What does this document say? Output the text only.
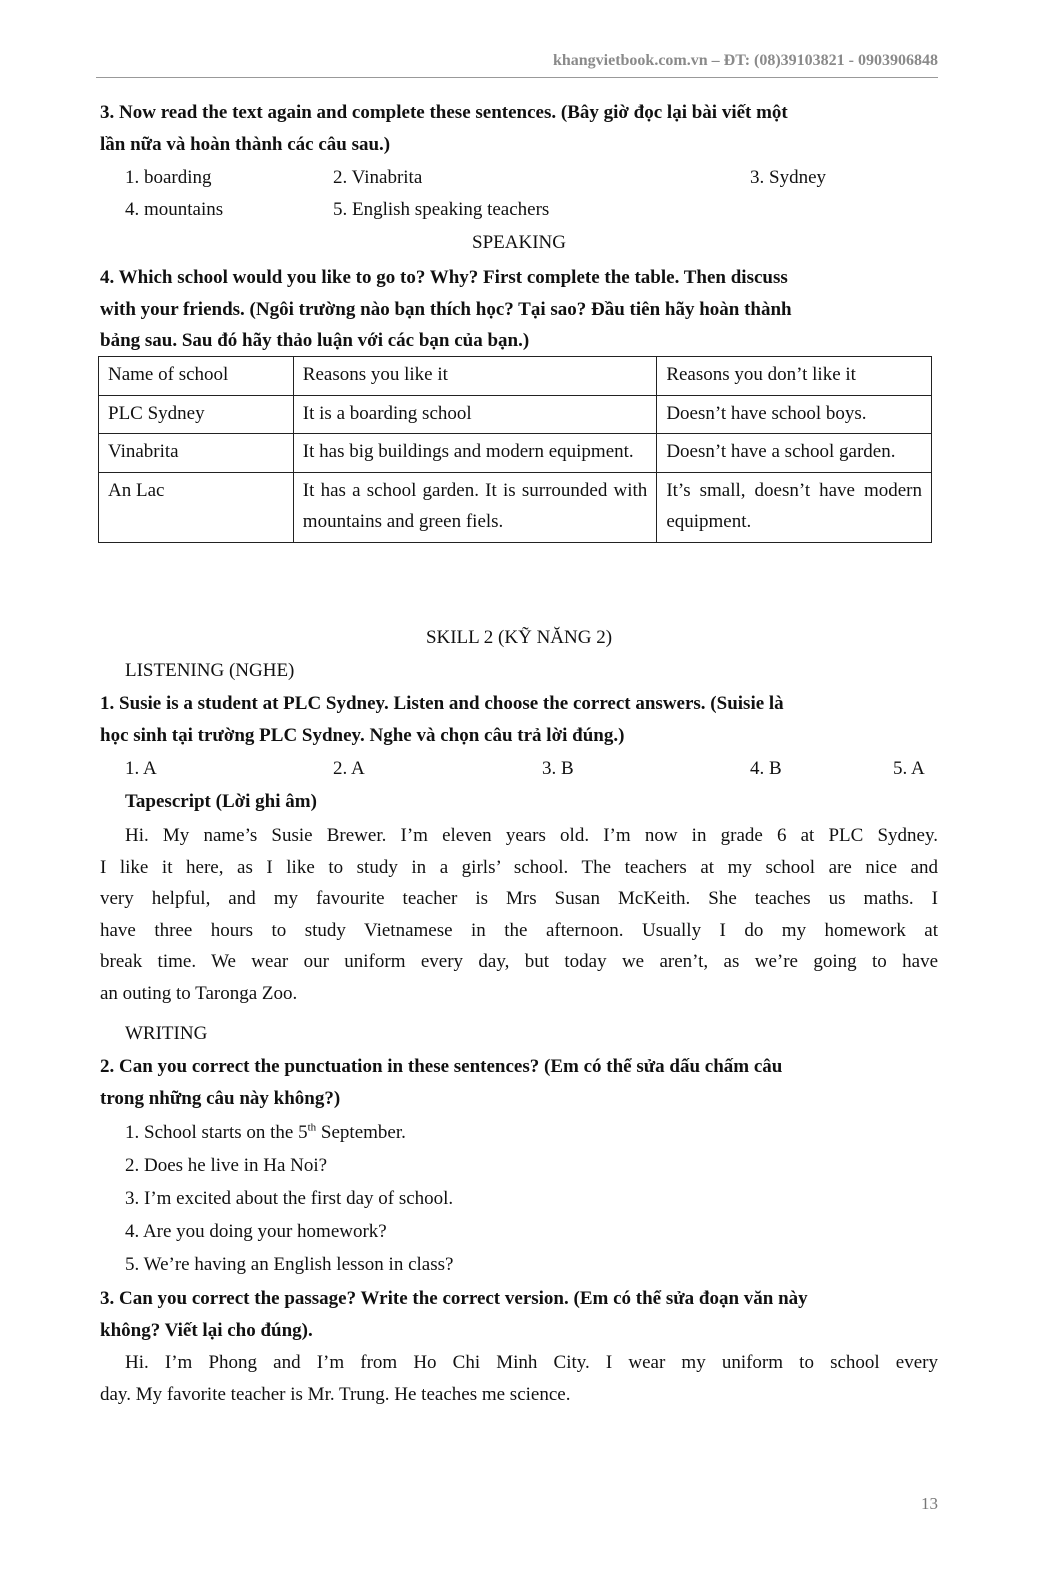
khangvietbook.com.vn – ĐT: (08)39103821 - 0903906848
3. Now read the text again and complete these sentences. (Bây giờ đọc lại bài viết một
lần nữa và hoàn thành các câu sau.)
1. boarding	2. Vinabrita	3. Sydney
4. mountains	5. English speaking teachers
SPEAKING
4. Which school would you like to go to? Why? First complete the table. Then discuss
with your friends. (Ngôi trường nào bạn thích học? Tại sao? Đầu tiên hãy hoàn thành
bảng sau. Sau đó hãy thảo luận với các bạn của bạn.)
Name of school	Reasons you like it	Reasons you don’t like it
PLC Sydney	It is a boarding school	Doesn’t have school boys.
Vinabrita	It has big buildings and modern equipment.	Doesn’t have a school garden.
An Lac	It has a school garden. It is surrounded with mountains and green fiels.	It’s small, doesn’t have modern equipment.
SKILL 2 (KỸ NĂNG 2)
LISTENING (NGHE)
1. Susie is a student at PLC Sydney. Listen and choose the correct answers. (Suisie là
học sinh tại trường PLC Sydney. Nghe và chọn câu trả lời đúng.)
1. A	2. A	3. B	4. B	5. A
Tapescript (Lời ghi âm)
Hi. My name’s Susie Brewer. I’m eleven years old. I’m now in grade 6 at PLC Sydney.
I like it here, as I like to study in a girls’ school. The teachers at my school are nice and
very helpful, and my favourite teacher is Mrs Susan McKeith. She teaches us maths. I
have three hours to study Vietnamese in the afternoon. Usually I do my homework at
break time. We wear our uniform every day, but today we aren’t, as we’re going to have
an outing to Taronga Zoo.
WRITING
2. Can you correct the punctuation in these sentences? (Em có thể sửa dấu chấm câu
trong những câu này không?)
1. School starts on the 5th September.
2. Does he live in Ha Noi?
3. I’m excited about the first day of school.
4. Are you doing your homework?
5. We’re having an English lesson in class?
3. Can you correct the passage? Write the correct version. (Em có thể sửa đoạn văn này
không? Viết lại cho đúng).
Hi. I’m Phong and I’m from Ho Chi Minh City. I wear my uniform to school every
day. My favorite teacher is Mr. Trung. He teaches me science.
13
